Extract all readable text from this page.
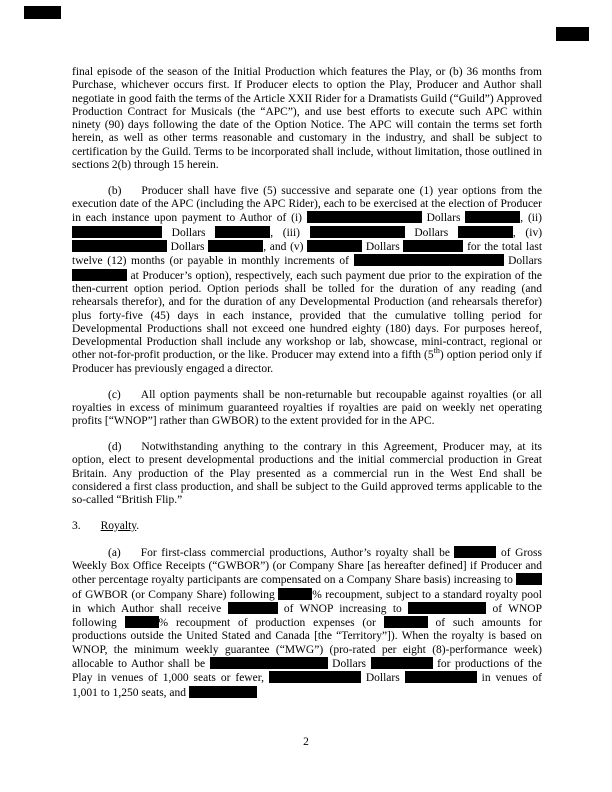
final episode of the season of the Initial Production which features the Play, or (b) 36 months from Purchase, whichever occurs first. If Producer elects to option the Play, Producer and Author shall negotiate in good faith the terms of the Article XXII Rider for a Dramatists Guild (“Guild”) Approved Production Contract for Musicals (the “APC”), and use best efforts to execute such APC within ninety (90) days following the date of the Option Notice. The APC will contain the terms set forth herein, as well as other terms reasonable and customary in the industry, and shall be subject to certification by the Guild. Terms to be incorporated shall include, without limitation, those outlined in sections 2(b) through 15 herein.

(b) Producer shall have five (5) successive and separate one (1) year options from the execution date of the APC (including the APC Rider), each to be exercised at the election of Producer in each instance upon payment to Author of (i)	Dollars	, (ii)  Dollars	, (iii)	Dollars	, (iv)  Dollars	, and (v)	Dollars	for the total last twelve (12) months (or payable in monthly increments of	Dollars  at Producer’s option), respectively, each such payment due prior to the expiration of the then-current option period. Option periods shall be tolled for the duration of any reading (and rehearsals therefor), and for the duration of any Developmental Production (and rehearsals therefor) plus forty-five (45) days in each instance, provided that the cumulative tolling period for Developmental Productions shall not exceed one hundred eighty (180) days. For purposes hereof, Developmental Production shall include any workshop or lab, showcase, mini-contract, regional or other not-for-profit production, or the like. Producer may extend into a fifth (5th) option period only if Producer has previously engaged a director.

(c) All option payments shall be non-returnable but recoupable against royalties (or all royalties in excess of minimum guaranteed royalties if royalties are paid on weekly net operating profits [“WNOP”] rather than GWBOR) to the extent provided for in the APC.

(d) Notwithstanding anything to the contrary in this Agreement, Producer may, at its option, elect to present developmental productions and the initial commercial production in Great Britain. Any production of the Play presented as a commercial run in the West End shall be considered a first class production, and shall be subject to the Guild approved terms applicable to the so-called “British Flip.”

3. Royalty.

(a) For first-class commercial productions, Author’s royalty shall be	of Gross Weekly Box Office Receipts (“GWBOR”) (or Company Share [as hereafter defined] if Producer and other percentage royalty participants are compensated on a Company Share basis) increasing to  of GWBOR (or Company Share) following	% recoupment, subject to a standard royalty pool in which Author shall receive	of WNOP increasing to	of WNOP following	% recoupment of production expenses (or	of such amounts for productions outside the United Stated and Canada [the “Territory”]). When the royalty is based on WNOP, the minimum weekly guarantee (“MWG”) (pro-rated per eight (8)-performance week) allocable to Author shall be	Dollars	for productions of the Play in venues of 1,000 seats or fewer,	Dollars	in venues of 1,001 to 1,250 seats, and

2
